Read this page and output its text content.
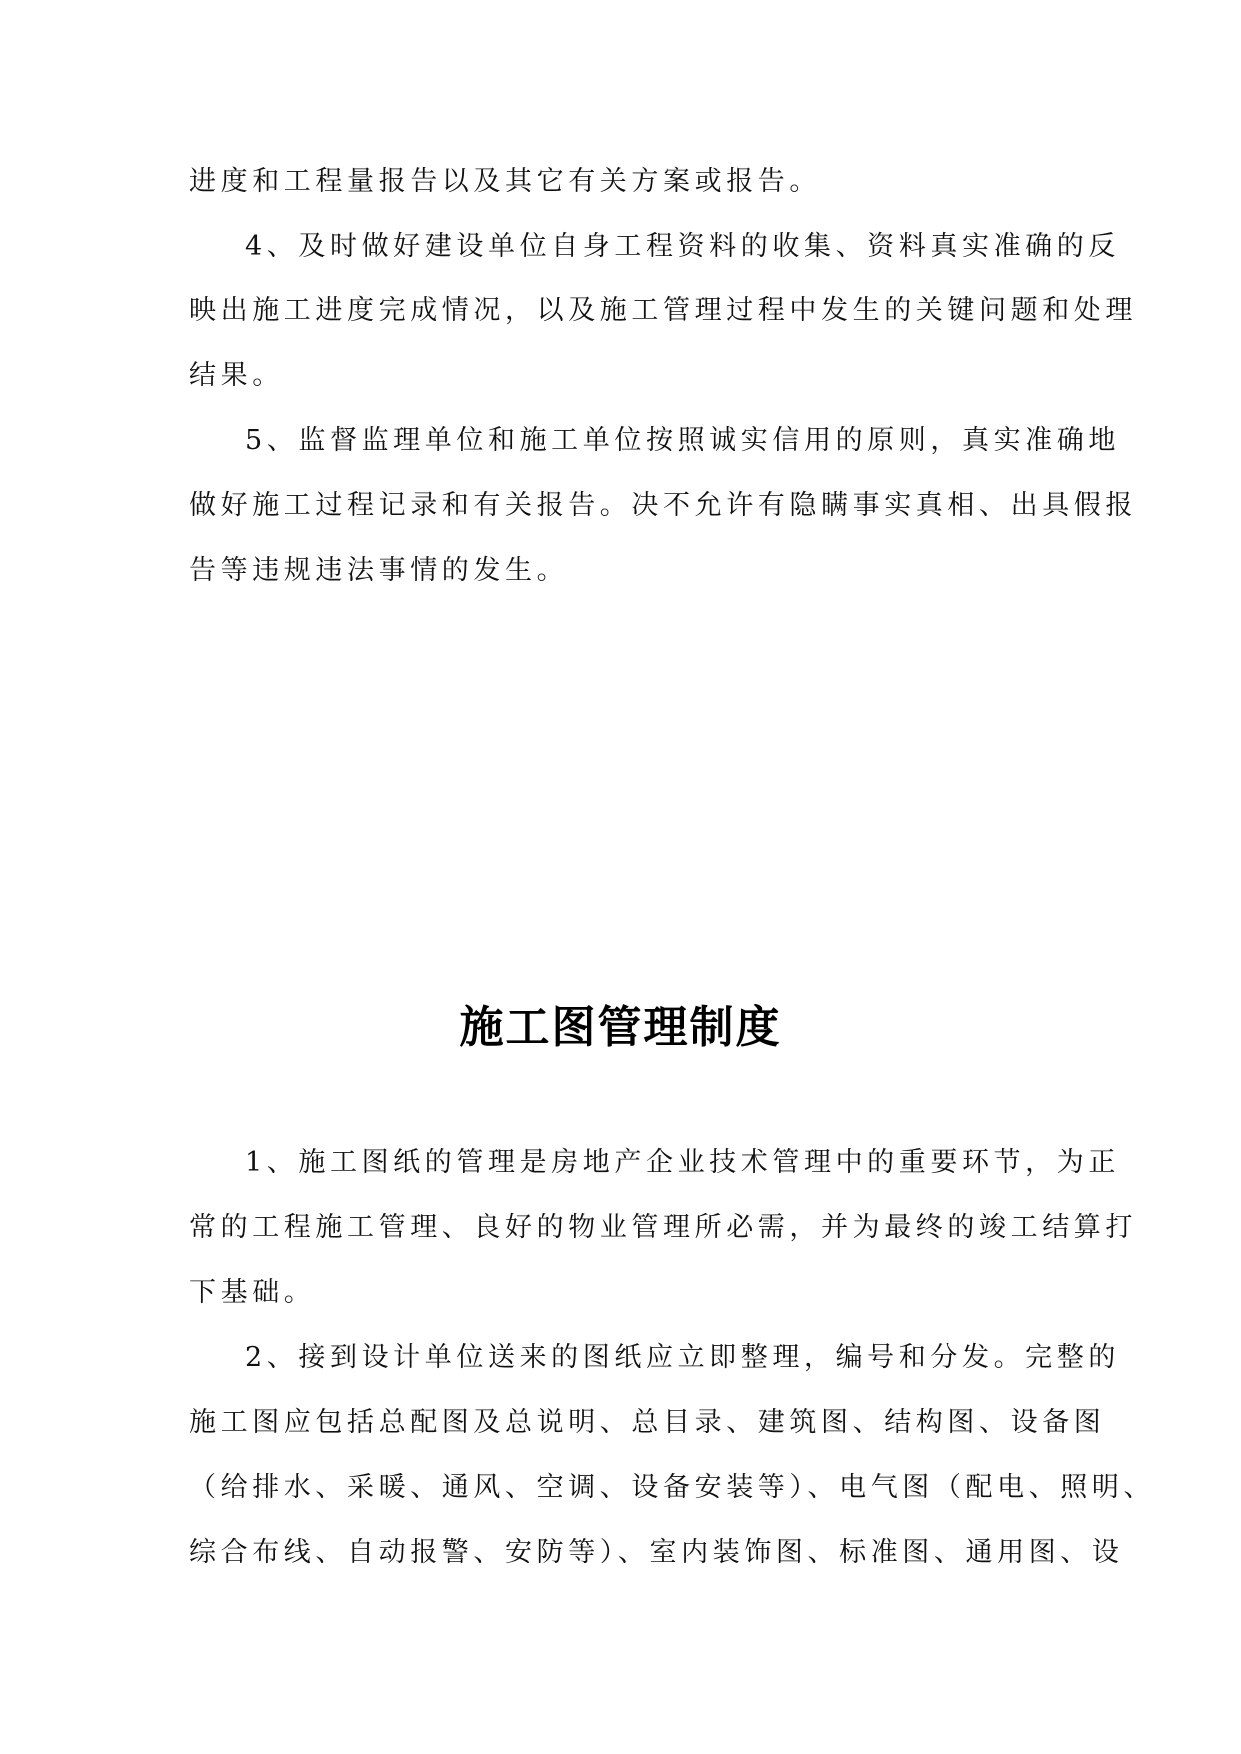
进度和工程量报告以及其它有关方案或报告。
4、及时做好建设单位自身工程资料的收集、资料真实准确的反
映出施工进度完成情况，以及施工管理过程中发生的关键问题和处理
结果。
5、监督监理单位和施工单位按照诚实信用的原则，真实准确地
做好施工过程记录和有关报告。决不允许有隐瞒事实真相、出具假报
告等违规违法事情的发生。
施工图管理制度
1、施工图纸的管理是房地产企业技术管理中的重要环节，为正
常的工程施工管理、良好的物业管理所必需，并为最终的竣工结算打
下基础。
2、接到设计单位送来的图纸应立即整理，编号和分发。完整的
施工图应包括总配图及总说明、总目录、建筑图、结构图、设备图
（给排水、采暖、通风、空调、设备安装等）、电气图（配电、照明、
综合布线、自动报警、安防等）、室内装饰图、标准图、通用图、设
